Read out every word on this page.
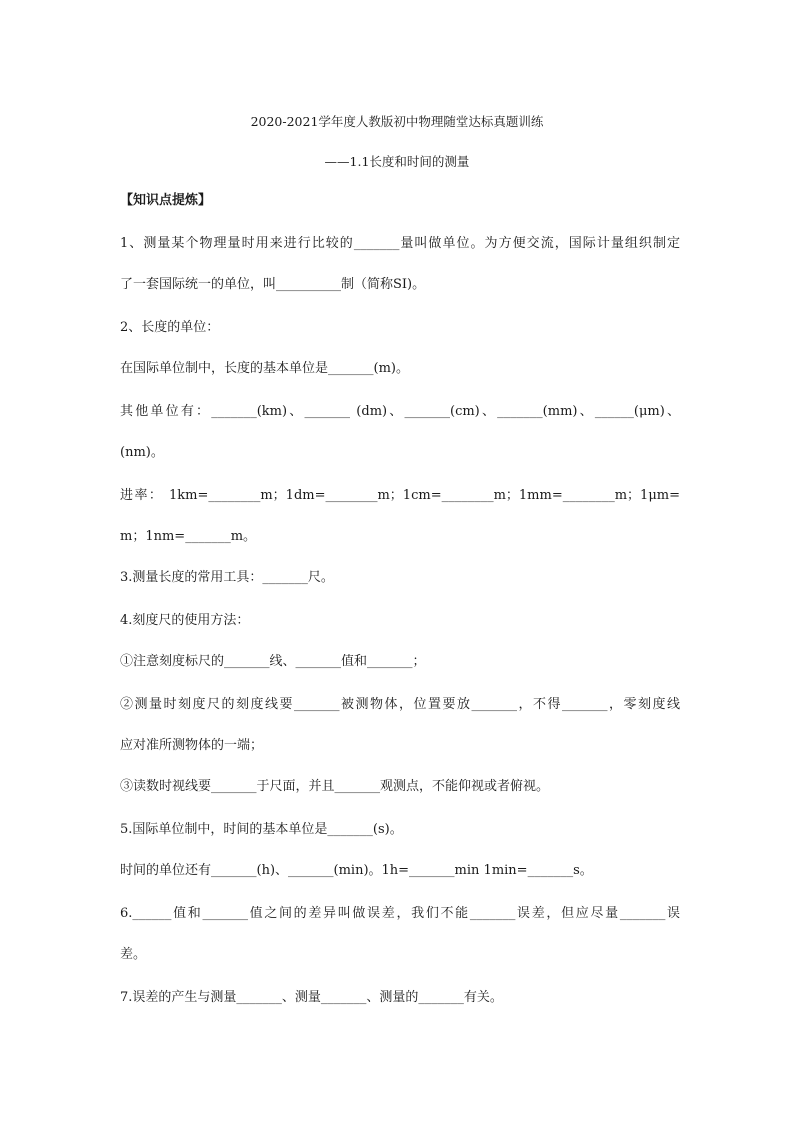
2020-2021学年度人教版初中物理随堂达标真题训练
——1.1长度和时间的测量
【知识点提炼】
1、测量某个物理量时用来进行比较的_______量叫做单位。为方便交流，国际计量组织制定
了一套国际统一的单位，叫__________制（简称SI)。
2、长度的单位：
在国际单位制中，长度的基本单位是_______(m)。
其他单位有：_______(km)、_______ (dm)、_______(cm)、_______(mm)、______(μm)、
(nm)。
进率： 1km=________m；1dm=________m；1cm=________m；1mm=________m；1μm=
m；1nm=_______m。
3.测量长度的常用工具：_______尺。
4.刻度尺的使用方法：
①注意刻度标尺的_______线、_______值和_______；
②测量时刻度尺的刻度线要_______被测物体，位置要放_______，不得_______，零刻度线
应对准所测物体的一端；
③读数时视线要_______于尺面，并且_______观测点，不能仰视或者俯视。
5.国际单位制中，时间的基本单位是_______(s)。
时间的单位还有_______(h)、_______(min)。1h=_______min 1min=_______s。
6.______值和_______值之间的差异叫做误差，我们不能_______误差，但应尽量_______误
差。
7.误差的产生与测量_______、测量_______、测量的_______有关。
